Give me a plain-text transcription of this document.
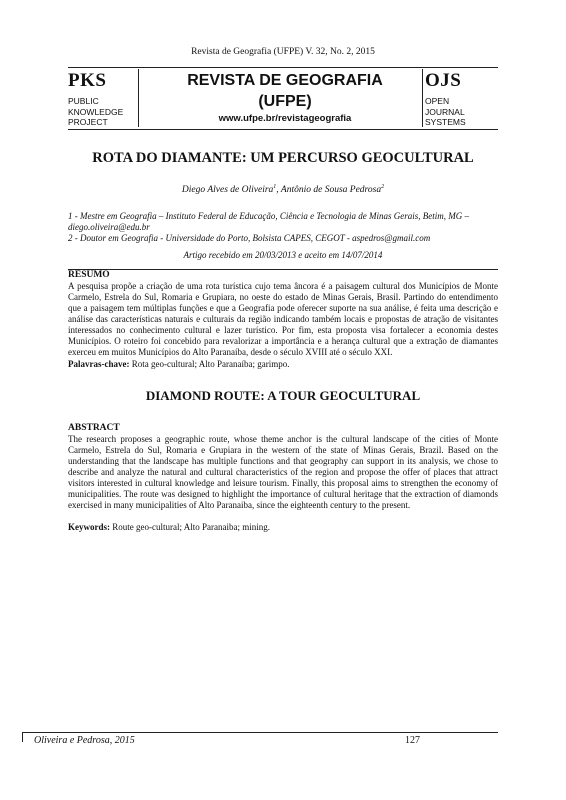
Revista de Geografia (UFPE) V. 32, No. 2, 2015
PKS
PUBLIC
KNOWLEDGE
PROJECT
REVISTA DE GEOGRAFIA
(UFPE)
www.ufpe.br/revistageografia
OJS
OPEN
JOURNAL
SYSTEMS
ROTA DO DIAMANTE: UM PERCURSO GEOCULTURAL
Diego Alves de Oliveira$^1$, Antônio de Sousa Pedrosa$^2$
1 - Mestre em Geografia – Instituto Federal de Educação, Ciência e Tecnologia de Minas Gerais, Betim, MG –
diego.oliveira@edu.br
2 - Doutor em Geografia - Universidade do Porto, Bolsista CAPES, CEGOT - aspedros@gmail.com
Artigo recebido em 20/03/2013 e aceito em 14/07/2014
RESUMO

A pesquisa propõe a criação de uma rota turística cujo tema âncora é a paisagem cultural dos Municípios de Monte Carmelo, Estrela do Sul, Romaria e Grupiara, no oeste do estado de Minas Gerais, Brasil. Partindo do entendimento que a paisagem tem múltiplas funções e que a Geografia pode oferecer suporte na sua análise, é feita uma descrição e análise das características naturais e culturais da região indicando também locais e propostas de atração de visitantes interessados no conhecimento cultural e lazer turístico. Por fim, esta proposta visa fortalecer a economia destes Municípios. O roteiro foi concebido para revalorizar a importância e a herança cultural que a extração de diamantes exerceu em muitos Municípios do Alto Paranaíba, desde o século XVIII até o século XXI.

Palavras-chave: Rota geo-cultural; Alto Paranaíba; garimpo.
DIAMOND ROUTE: A TOUR GEOCULTURAL
ABSTRACT

The research proposes a geographic route, whose theme anchor is the cultural landscape of the cities of Monte Carmelo, Estrela do Sul, Romaria e Grupiara in the western of the state of Minas Gerais, Brazil. Based on the understanding that the landscape has multiple functions and that geography can support in its analysis, we chose to describe and analyze the natural and cultural characteristics of the region and propose the offer of places that attract visitors interested in cultural knowledge and leisure tourism. Finally, this proposal aims to strengthen the economy of municipalities. The route was designed to highlight the importance of cultural heritage that the extraction of diamonds exercised in many municipalities of Alto Paranaiba, since the eighteenth century to the present.

Keywords: Route geo-cultural; Alto Paranaiba; mining.
Oliveira e Pedrosa, 2015	127
